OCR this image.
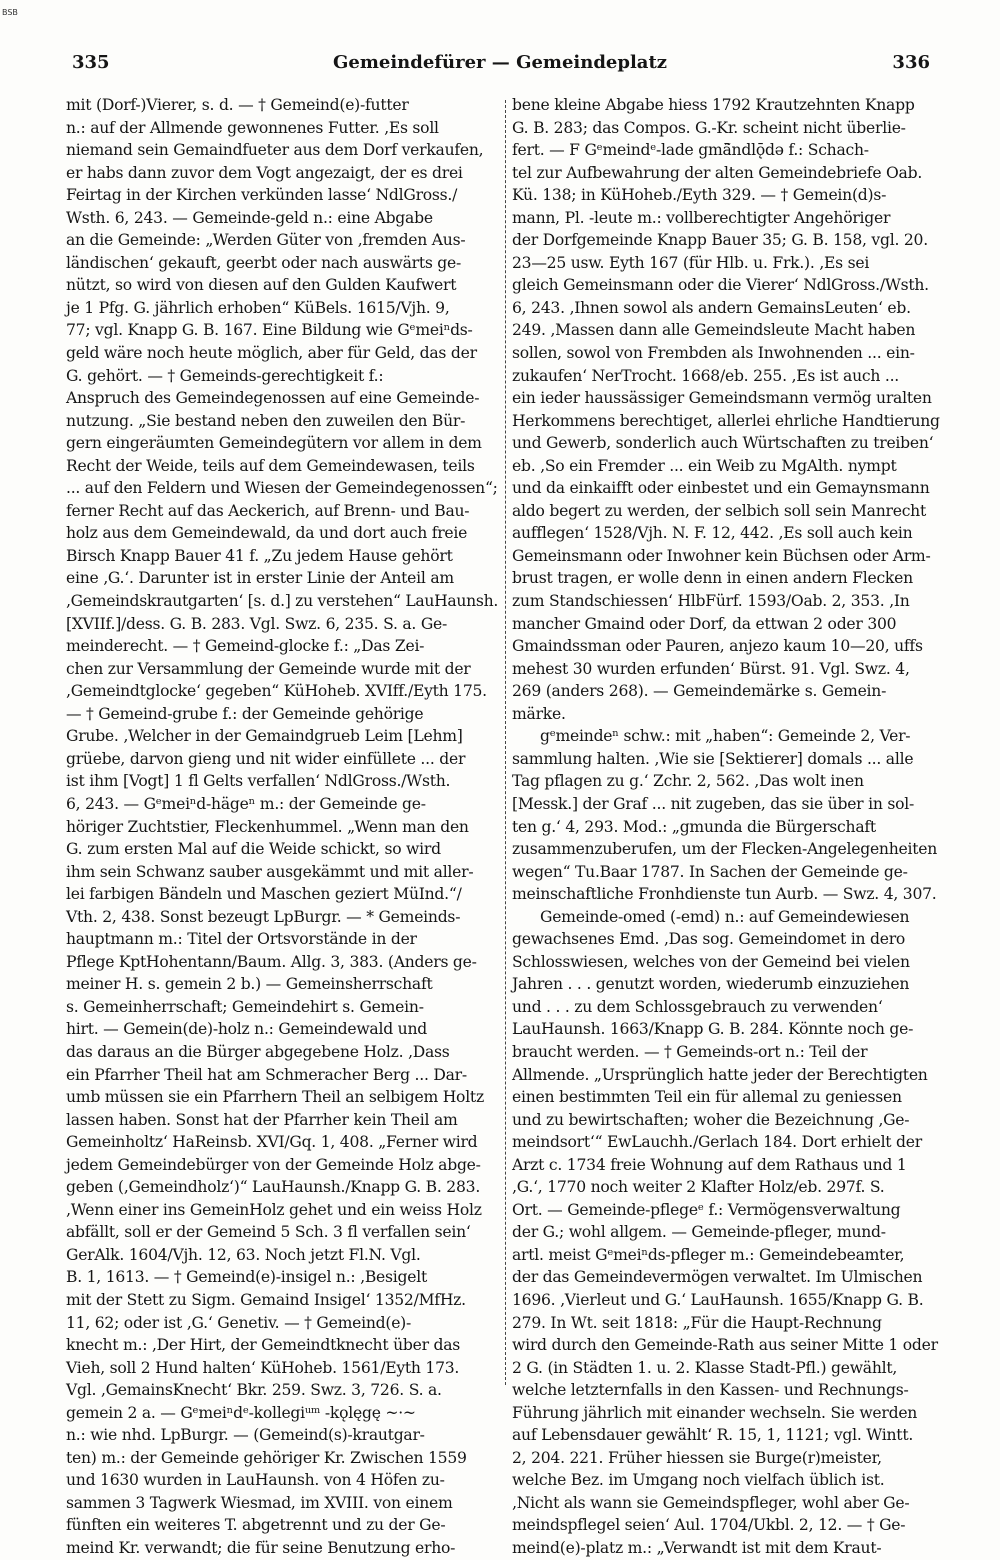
BSB
335	Gemeindefürer — Gemeindeplatz	336
mit (Dorf-)Vierer, s. d. — † Gemeind(e)-futter
n.: auf der Allmende gewonnenes Futter. ‚Es soll
niemand sein Gemaindfueter aus dem Dorf verkaufen,
er habs dann zuvor dem Vogt angezaigt, der es drei
Feirtag in der Kirchen verkünden lasse‘ NdlGross./
Wsth. 6, 243. — Gemeinde-geld n.: eine Abgabe
an die Gemeinde: „Werden Güter von ‚fremden Aus-
ländischen‘ gekauft, geerbt oder nach auswärts ge-
nützt, so wird von diesen auf den Gulden Kaufwert
je 1 Pfg. G. jährlich erhoben“ KüBels. 1615/Vjh. 9,
77; vgl. Knapp G. B. 167. Eine Bildung wie Gᵉmeiⁿds-
geld wäre noch heute möglich, aber für Geld, das der
G. gehört. — † Gemeinds-gerechtigkeit f.:
Anspruch des Gemeindegenossen auf eine Gemeinde-
nutzung. „Sie bestand neben den zuweilen den Bür-
gern eingeräumten Gemeindegütern vor allem in dem
Recht der Weide, teils auf dem Gemeindewasen, teils
... auf den Feldern und Wiesen der Gemeindegenossen“;
ferner Recht auf das Aeckerich, auf Brenn- und Bau-
holz aus dem Gemeindewald, da und dort auch freie
Birsch Knapp Bauer 41 f. „Zu jedem Hause gehört
eine ‚G.‘. Darunter ist in erster Linie der Anteil am
‚Gemeindskrautgarten‘ [s. d.] zu verstehen“ LauHaunsh.
[XVIIf.]/dess. G. B. 283. Vgl. Swz. 6, 235. S. a. Ge-
meinderecht. — † Gemeind-glocke f.: „Das Zei-
chen zur Versammlung der Gemeinde wurde mit der
‚Gemeindtglocke‘ gegeben“ KüHoheb. XVIff./Eyth 175.
— † Gemeind-grube f.: der Gemeinde gehörige
Grube. ‚Welcher in der Gemaindgrueb Leim [Lehm]
grüebe, darvon gieng und nit wider einfüllete ... der
ist ihm [Vogt] 1 fl Gelts verfallen‘ NdlGross./Wsth.
6, 243. — Gᵉmeiⁿd-hägeⁿ m.: der Gemeinde ge-
höriger Zuchtstier, Fleckenhummel. „Wenn man den
G. zum ersten Mal auf die Weide schickt, so wird
ihm sein Schwanz sauber ausgekämmt und mit aller-
lei farbigen Bändeln und Maschen geziert MüInd.“/
Vth. 2, 438. Sonst bezeugt LpBurgr. — * Gemeinds-
hauptmann m.: Titel der Ortsvorstände in der
Pflege KptHohentann/Baum. Allg. 3, 383. (Anders ge-
meiner H. s. gemein 2 b.) — Gemeinsherrschaft
s. Gemeinherrschaft; Gemeindehirt s. Gemein-
hirt. — Gemein(de)-holz n.: Gemeindewald und
das daraus an die Bürger abgegebene Holz. ‚Dass
ein Pfarrher Theil hat am Schmeracher Berg ... Dar-
umb müssen sie ein Pfarrhern Theil an selbigem Holtz
lassen haben. Sonst hat der Pfarrher kein Theil am
Gemeinholtz‘ HaReinsb. XVI/Gq. 1, 408. „Ferner wird
jedem Gemeindebürger von der Gemeinde Holz abge-
geben (‚Gemeindholz‘)“ LauHaunsh./Knapp G. B. 283.
‚Wenn einer ins GemeinHolz gehet und ein weiss Holz
abfällt, soll er der Gemeind 5 Sch. 3 fl verfallen sein‘
GerAlk. 1604/Vjh. 12, 63. Noch jetzt Fl.N. Vgl.
B. 1, 1613. — † Gemeind(e)-insigel n.: ‚Besigelt
mit der Stett zu Sigm. Gemaind Insigel‘ 1352/MfHz.
11, 62; oder ist ‚G.‘ Genetiv. — † Gemeind(e)-
knecht m.: ‚Der Hirt, der Gemeindtknecht über das
Vieh, soll 2 Hund halten‘ KüHoheb. 1561/Eyth 173.
Vgl. ‚GemainsKnecht‘ Bkr. 259. Swz. 3, 726. S. a.
gemein 2 a. — Gᵉmeiⁿdᵉ-kollegiᵘᵐ -kǫlęgę ~·~
n.: wie nhd. LpBurgr. — (Gemeind(s)-krautgar-
ten) m.: der Gemeinde gehöriger Kr. Zwischen 1559
und 1630 wurden in LauHaunsh. von 4 Höfen zu-
sammen 3 Tagwerk Wiesmad, im XVIII. von einem
fünften ein weiteres T. abgetrennt und zu der Ge-
meind Kr. verwandt; die für seine Benutzung erho-
bene kleine Abgabe hiess 1792 Krautzehnten Knapp
G. B. 283; das Compos. G.-Kr. scheint nicht überlie-
fert. — F Gᵉmeindᵉ-lade gmā̃ndlǭdə f.: Schach-
tel zur Aufbewahrung der alten Gemeindebriefe Oab.
Kü. 138; in KüHoheb./Eyth 329. — † Gemein(d)s-
mann, Pl. -leute m.: vollberechtigter Angehöriger
der Dorfgemeinde Knapp Bauer 35; G. B. 158, vgl. 20.
23—25 usw. Eyth 167 (für Hlb. u. Frk.). ‚Es sei
gleich Gemeinsmann oder die Vierer‘ NdlGross./Wsth.
6, 243. ‚Ihnen sowol als andern GemainsLeuten‘ eb.
249. ‚Massen dann alle Gemeindsleute Macht haben
sollen, sowol von Frembden als Inwohnenden ... ein-
zukaufen‘ NerTrocht. 1668/eb. 255. ‚Es ist auch ...
ein ieder haussässiger Gemeindsmann vermög uralten
Herkommens berechtiget, allerlei ehrliche Handtierung
und Gewerb, sonderlich auch Würtschaften zu treiben‘
eb. ‚So ein Fremder ... ein Weib zu MgAlth. nympt
und da einkaifft oder einbestet und ein Gemaynsmann
aldo begert zu werden, der selbich soll sein Manrecht
aufflegen‘ 1528/Vjh. N. F. 12, 442. ‚Es soll auch kein
Gemeinsmann oder Inwohner kein Büchsen oder Arm-
brust tragen, er wolle denn in einen andern Flecken
zum Standschiessen‘ HlbFürf. 1593/Oab. 2, 353. ‚In
mancher Gmaind oder Dorf, da ettwan 2 oder 300
Gmaindssman oder Pauren, anjezo kaum 10—20, uffs
mehest 30 wurden erfunden‘ Bürst. 91. Vgl. Swz. 4,
269 (anders 268). — Gemeindemärke s. Gemein-
märke.
gᵉmeindeⁿ schw.: mit „haben“: Gemeinde 2, Ver-
sammlung halten. ‚Wie sie [Sektierer] domals ... alle
Tag pflagen zu g.‘ Zchr. 2, 562. ‚Das wolt inen
[Messk.] der Graf ... nit zugeben, das sie über in sol-
ten g.‘ 4, 293. Mod.: „gmunda die Bürgerschaft
zusammenzuberufen, um der Flecken-Angelegenheiten
wegen“ Tu.Baar 1787. In Sachen der Gemeinde ge-
meinschaftliche Fronhdienste tun Aurb. — Swz. 4, 307.
Gemeinde-omed (-emd) n.: auf Gemeindewiesen
gewachsenes Emd. ‚Das sog. Gemeindomet in dero
Schlosswiesen, welches von der Gemeind bei vielen
Jahren . . . genutzt worden, wiederumb einzuziehen
und . . . zu dem Schlossgebrauch zu verwenden‘
LauHaunsh. 1663/Knapp G. B. 284. Könnte noch ge-
braucht werden. — † Gemeinds-ort n.: Teil der
Allmende. „Ursprünglich hatte jeder der Berechtigten
einen bestimmten Teil ein für allemal zu geniessen
und zu bewirtschaften; woher die Bezeichnung ‚Ge-
meindsort‘“ EwLauchh./Gerlach 184. Dort erhielt der
Arzt c. 1734 freie Wohnung auf dem Rathaus und 1
‚G.‘, 1770 noch weiter 2 Klafter Holz/eb. 297f. S.
Ort. — Gemeinde-pflegeᵉ f.: Vermögensverwaltung
der G.; wohl allgem. — Gemeinde-pfleger, mund-
artl. meist Gᵉmeiⁿds-pfleger m.: Gemeindebeamter,
der das Gemeindevermögen verwaltet. Im Ulmischen
1696. ‚Vierleut und G.‘ LauHaunsh. 1655/Knapp G. B.
279. In Wt. seit 1818: „Für die Haupt-Rechnung
wird durch den Gemeinde-Rath aus seiner Mitte 1 oder
2 G. (in Städten 1. u. 2. Klasse Stadt-Pfl.) gewählt,
welche letzternfalls in den Kassen- und Rechnungs-
Führung jährlich mit einander wechseln. Sie werden
auf Lebensdauer gewählt‘ R. 15, 1, 1121; vgl. Wintt.
2, 204. 221. Früher hiessen sie Burge(r)meister,
welche Bez. im Umgang noch vielfach üblich ist.
‚Nicht als wann sie Gemeindspfleger, wohl aber Ge-
meindspflegel seien‘ Aul. 1704/Ukbl. 2, 12. — † Ge-
meind(e)-platz m.: „Verwandt ist mit dem Kraut-
